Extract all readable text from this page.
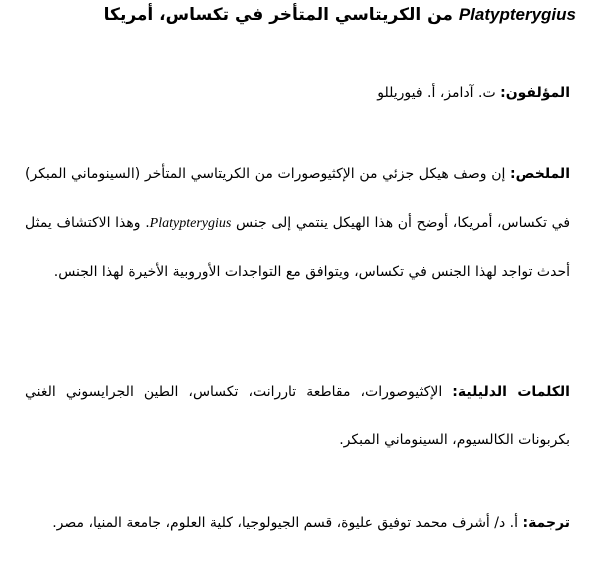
Platypterygius من الكريتاسي المتأخر في تكساس، أمريكا
المؤلفون: ت. آدامز، أ. فيوريللو
الملخص: إن وصف هيكل جزئي من الإكثيوصورات من الكريتاسي المتأخر (السينوماني المبكر) في تكساس، أمريكا، أوضح أن هذا الهيكل ينتمي إلى جنس Platypterygius. وهذا الاكتشاف يمثل أحدث تواجد لهذا الجنس في تكساس، ويتوافق مع التواجدات الأوروبية الأخيرة لهذا الجنس.
الكلمات الدليلية: الإكثيوصورات، مقاطعة تاررانت، تكساس، الطين الجرايسوني الغني بكربونات الكالسيوم، السينوماني المبكر.
ترجمة: أ. د/ أشرف محمد توفيق عليوة، قسم الجيولوجيا، كلية العلوم، جامعة المنيا، مصر.
